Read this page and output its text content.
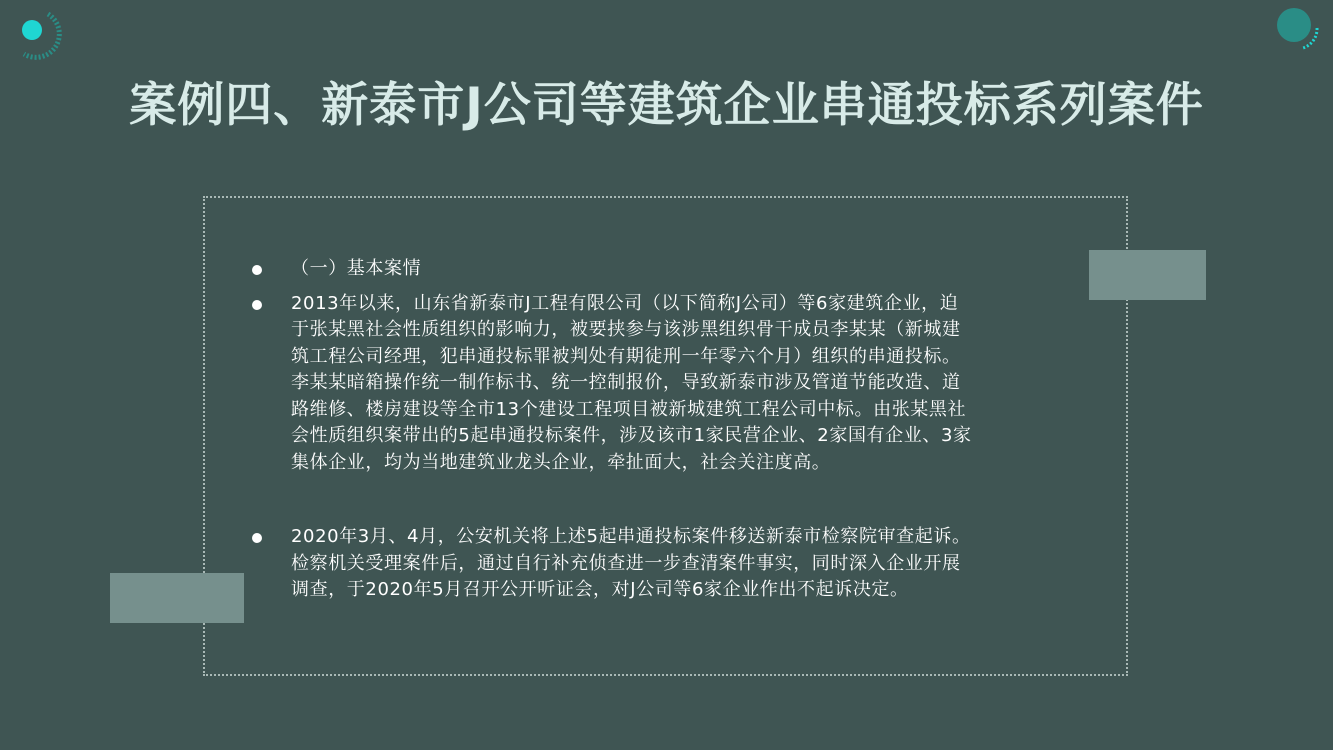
案例四、新泰市J公司等建筑企业串通投标系列案件
（一）基本案情
2013年以来，山东省新泰市J工程有限公司（以下简称J公司）等6家建筑企业，迫
于张某黑社会性质组织的影响力，被要挟参与该涉黑组织骨干成员李某某（新城建
筑工程公司经理，犯串通投标罪被判处有期徒刑一年零六个月）组织的串通投标。
李某某暗箱操作统一制作标书、统一控制报价，导致新泰市涉及管道节能改造、道
路维修、楼房建设等全市13个建设工程项目被新城建筑工程公司中标。由张某黑社
会性质组织案带出的5起串通投标案件，涉及该市1家民营企业、2家国有企业、3家
集体企业，均为当地建筑业龙头企业，牵扯面大，社会关注度高。
2020年3月、4月，公安机关将上述5起串通投标案件移送新泰市检察院审查起诉。
检察机关受理案件后，通过自行补充侦查进一步查清案件事实，同时深入企业开展
调查，于2020年5月召开公开听证会，对J公司等6家企业作出不起诉决定。
